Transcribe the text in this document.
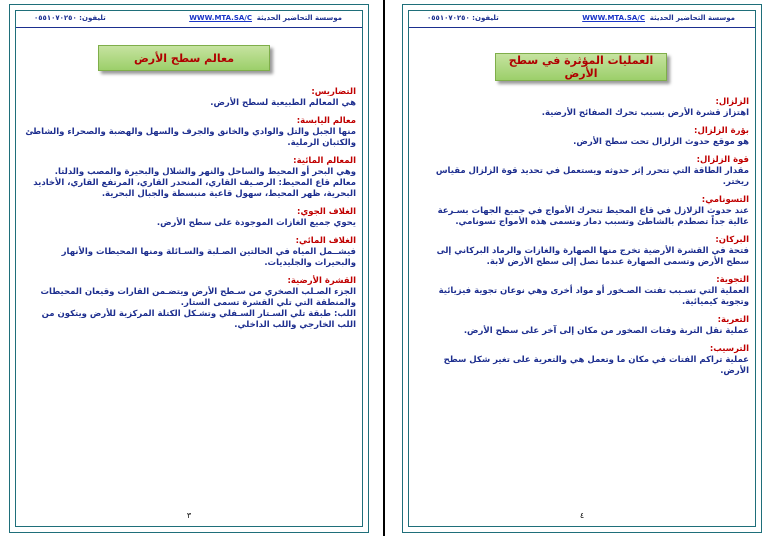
موسسة التحاضير الحديثة
WWW.MTA.SA/C
تليفون: ٠٥٥١٠٧٠٢٥٠
معالم سطح الأرض
التضاريس:
هي المعالم الطبيعية لسطح الأرض.
معالم اليابسة:
منها الجبل والتل والوادي والخانق والجرف والسهل والهضبة والصحراء والشاطئ والكثبان الرملية.
المعالم المائية:
وهي البحر أو المحيط والساحل والنهر والشلال والبحيرة والمصب والدلتا.
معالم قاع المحيط: الرصـيف القاري، المنحدر القاري، المرتفع القاري، الأخاديد البحرية، ظهر المحيط، سهول قاعية منبسطة والجبال البحرية.
الغلاف الجوي:
يحوي جميع الغازات الموجودة على سطح الأرض.
الغلاف المائي:
فيشــمل المياه في الحالتين الصـلبة والسـائلة ومنها المحيطات والأنهار والبحيرات والجليديات.
القشرة الأرضية:
الجزء الصـلب الصخري من سـطح الأرض ويتضـمن القارات وقيعان المحيطات والمنطقة التي تلي القشرة تسمى الستار.
اللب: طبقة تلي السـتار السـفلي وتشـكل الكتلة المركزية للأرض ويتكون من اللب الخارجي واللب الداخلي.
٣
موسسة التحاضير الحديثة
WWW.MTA.SA/C
تليفون: ٠٥٥١٠٧٠٢٥٠
العمليات المؤثرة في سطح الأرض
الزلزال:
اهتزاز قشرة الأرض بسبب تحرك الصفائح الأرضية.
بؤرة الزلزال:
هو موقع حدوث الزلزال تحت سطح الأرض.
قوة الزلزال:
مقدار الطاقة التي تتحرر إثر حدوثه ويستعمل في تحديد قوة الزلزال مقياس ريختر.
التسونامي:
عند حدوث الزلازل في قاع المحيط تتحرك الأمواج في جميع الجهات بسـرعة عالية جداً تصطدم بالشاطئ وتسبب دمار وتسمى هذه الأمواج تسونامي.
البركان:
فتحة في القشرة الأرضية تخرج منها الصهارة والغازات والرماد البركاني إلى سطح الأرض وتسمى الصهارة عندما تصل إلى سطح الأرض لابة.
التجوية:
العملية التي تسـبب تفتت الصـخور أو مواد أخرى وهي نوعان تجوية فيزيائية وتجوية كيميائية.
التعرية:
عملية نقل التربة وفتات الصخور من مكان إلى آخر على سطح الأرض.
الترسيب:
عملية تراكم الفتات في مكان ما وتعمل هي والتعرية على تغير شكل سطح الأرض.
٤
